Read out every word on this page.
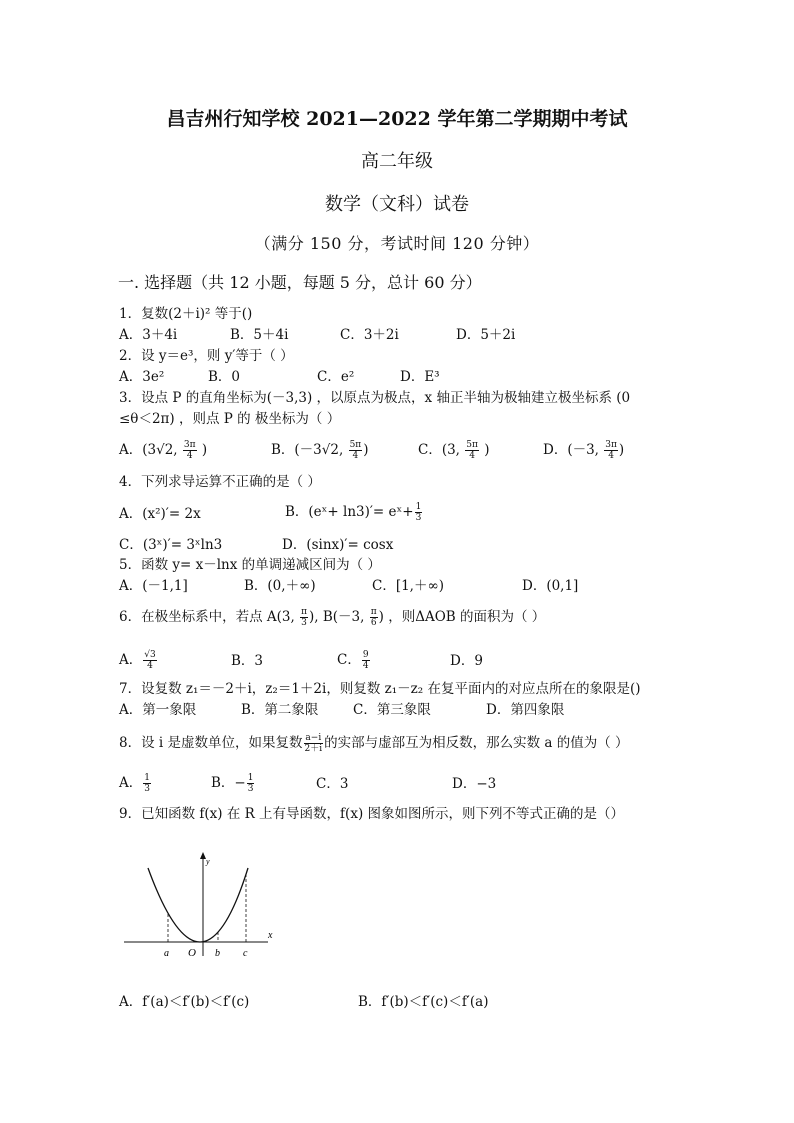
昌吉州行知学校 2021—2022 学年第二学期期中考试
高二年级
数学（文科）试卷
（满分 150 分，考试时间 120 分钟）
一. 选择题（共 12 小题，每题 5 分，总计 60 分）
1．复数(2＋i)² 等于()
A．3＋4i	B．5＋4i	C．3＋2i	D．5＋2i
2．设 y＝e³，则 y′等于（ ）
A．3e²	B．0	C．e²	D．E³
3．设点 P 的直角坐标为(－3,3) ，以原点为极点，x 轴正半轴为极轴建立极坐标系 (0
≤θ＜2π) ，则点 P 的 极坐标为（ ）
A．(3√2, $\frac{3\pi}{4}$ )	B．(－3√2, $\frac{5\pi}{4}$ )	C．(3, $\frac{5\pi}{4}$ )	D．(－3, $\frac{3\pi}{4}$ )
4．下列求导运算不正确的是（ ）
A．(x²)′= 2x	B．(eˣ+ ln3)′= eˣ+ $\frac{1}{3}$
C．(3ˣ)′= 3ˣln3	D．(sinx)′= cosx
5．函数 y= x－lnx 的单调递减区间为（ ）
A．(－1,1]	B．(0,＋∞)	C．[1,＋∞)	D．(0,1]
6．在极坐标系中，若点 A(3, $\frac{\pi}{3}$ ), B(－3, $\frac{\pi}{6}$ ) ，则ΔAOB 的面积为（ ）
A． $\frac{√3}{4}$	B．3	C． $\frac{9}{4}$	D．9
7．设复数 z₁＝－2＋i，z₂＝1＋2i，则复数 z₁－z₂ 在复平面内的对应点所在的象限是()
A．第一象限	B．第二象限	C．第三象限	D．第四象限
8．设 i 是虚数单位，如果复数 $\frac{a-i}{2+i}$ 的实部与虚部互为相反数，那么实数 a 的值为（ ）
A． $\frac{1}{3}$	B．− $\frac{1}{3}$	C．3	D．−3
9．已知函数 f(x) 在 R 上有导函数，f(x) 图象如图所示，则下列不等式正确的是（）
a O b c
x
y
A．f′(a)＜f′(b)＜f′(c)	B．f′(b)＜f′(c)＜f′(a)
